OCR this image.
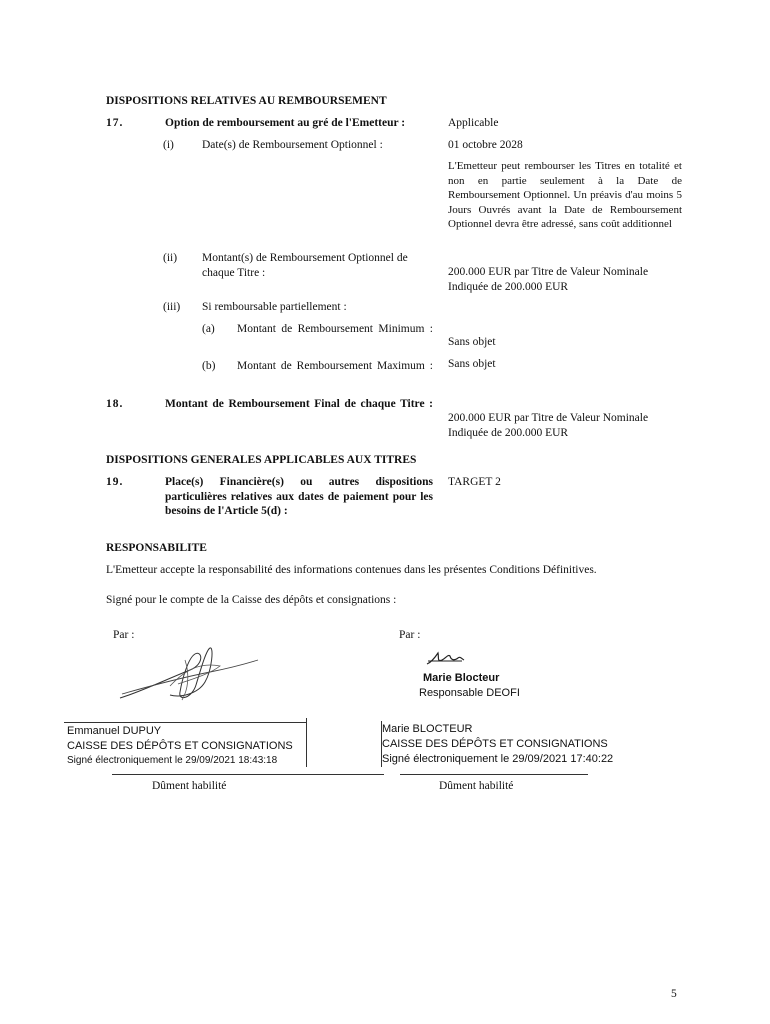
DISPOSITIONS RELATIVES AU REMBOURSEMENT
17.	Option de remboursement au gré de l'Emetteur :	Applicable
(i) Date(s) de Remboursement Optionnel :	01 octobre 2028
L'Emetteur peut rembourser les Titres en totalité et non en partie seulement à la Date de Remboursement Optionnel. Un préavis d'au moins 5 Jours Ouvrés avant la Date de Remboursement Optionnel devra être adressé, sans coût additionnel
(ii) Montant(s) de Remboursement Optionnel de chaque Titre :	200.000 EUR par Titre de Valeur Nominale Indiquée de 200.000 EUR
(iii) Si remboursable partiellement :
(a) Montant de Remboursement Minimum :
Sans objet
(b) Montant de Remboursement Maximum : Sans objet
18.	Montant de Remboursement Final de chaque Titre :
200.000 EUR par Titre de Valeur Nominale Indiquée de 200.000 EUR
DISPOSITIONS GENERALES APPLICABLES AUX TITRES
19.	Place(s) Financière(s) ou autres dispositions particulières relatives aux dates de paiement pour les besoins de l'Article 5(d) :
TARGET 2
RESPONSABILITE
L'Emetteur accepte la responsabilité des informations contenues dans les présentes Conditions Définitives.
Signé pour le compte de la Caisse des dépôts et consignations :
Par :
Emmanuel DUPUY
CAISSE DES DÉPÔTS ET CONSIGNATIONS
Signé électroniquement le 29/09/2021 18:43:18
Dûment habilité
Par :
Marie Blocteur
Responsable DEOFI
Marie BLOCTEUR
CAISSE DES DÉPÔTS ET CONSIGNATIONS
Signé électroniquement le 29/09/2021 17:40:22
Dûment habilité
5
